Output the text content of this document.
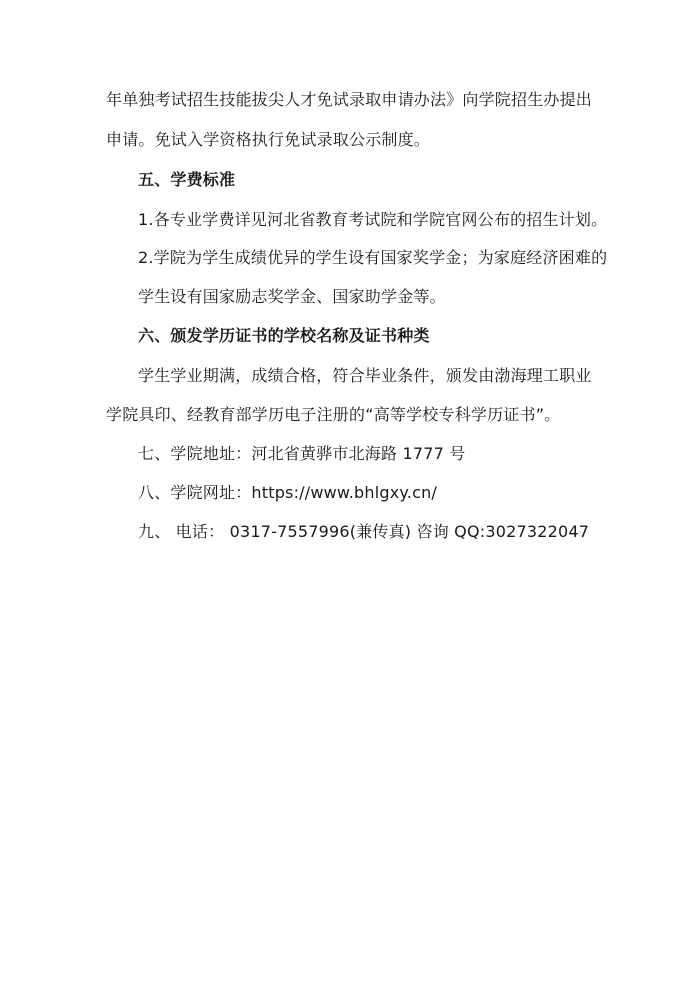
年单独考试招生技能拔尖人才免试录取申请办法》向学院招生办提出
申请。免试入学资格执行免试录取公示制度。
五、学费标准
1.各专业学费详见河北省教育考试院和学院官网公布的招生计划。
2.学院为学生成绩优异的学生设有国家奖学金；为家庭经济困难的
学生设有国家励志奖学金、国家助学金等。
六、颁发学历证书的学校名称及证书种类
学生学业期满，成绩合格，符合毕业条件，颁发由渤海理工职业
学院具印、经教育部学历电子注册的“高等学校专科学历证书”。
七、学院地址：河北省黄骅市北海路 1777 号
八、学院网址：https://www.bhlgxy.cn/
九、 电话： 0317-7557996(兼传真) 咨询 QQ:3027322047
